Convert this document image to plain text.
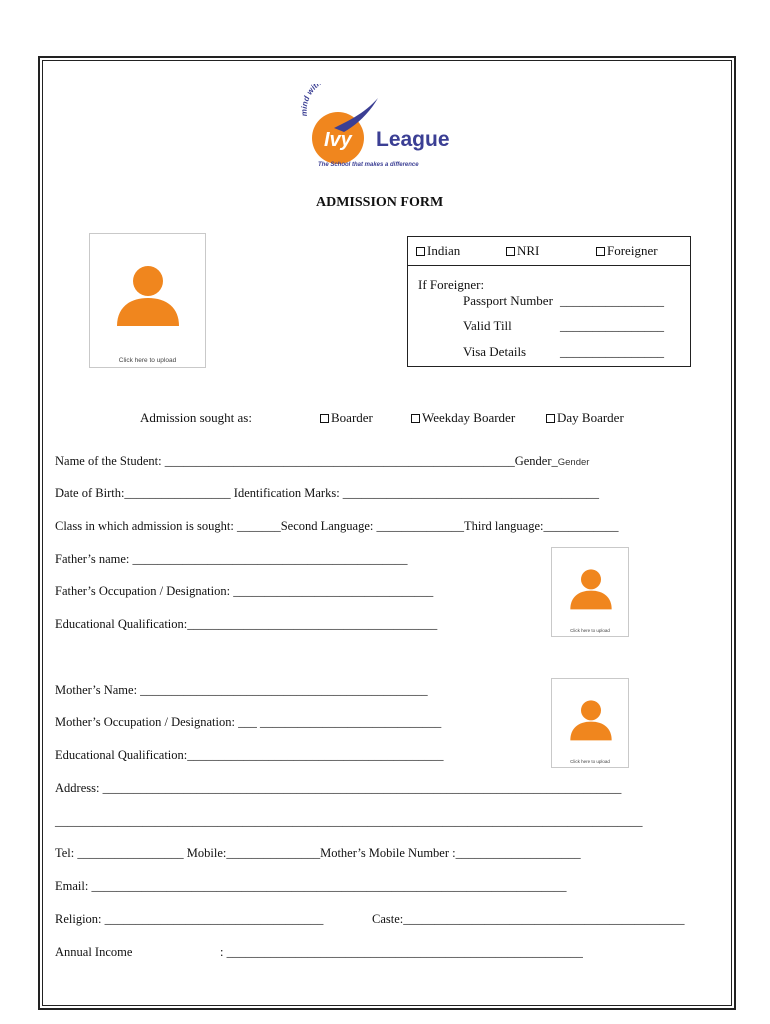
mind wit
Ivy League
The School that makes a difference
ADMISSION FORM
Click here to upload
Indian	NRI	Foreigner
If Foreigner:
Passport Number ________________
Valid Till	________________
Visa Details	________________
Admission sought as:	Boarder	Weekday Boarder	Day Boarder
Name of the Student: ________________________________________________________Gender_Gender
Date of Birth:_________________ Identification Marks: _________________________________________
Class in which admission is sought: _______Second Language: ______________Third language:____________
Father’s name: ____________________________________________
Father’s Occupation / Designation: ________________________________
Educational Qualification:________________________________________	Click here to upload
Mother’s Name: ______________________________________________
Mother’s Occupation / Designation: ___ _____________________________
Educational Qualification:_________________________________________	Click here to upload
Address: ___________________________________________________________________________________
______________________________________________________________________________________________
Tel: _________________ Mobile:_______________Mother’s Mobile Number :____________________
Email: ____________________________________________________________________________
Religion: ___________________________________	Caste:_____________________________________________
Annual Income	: _________________________________________________________
